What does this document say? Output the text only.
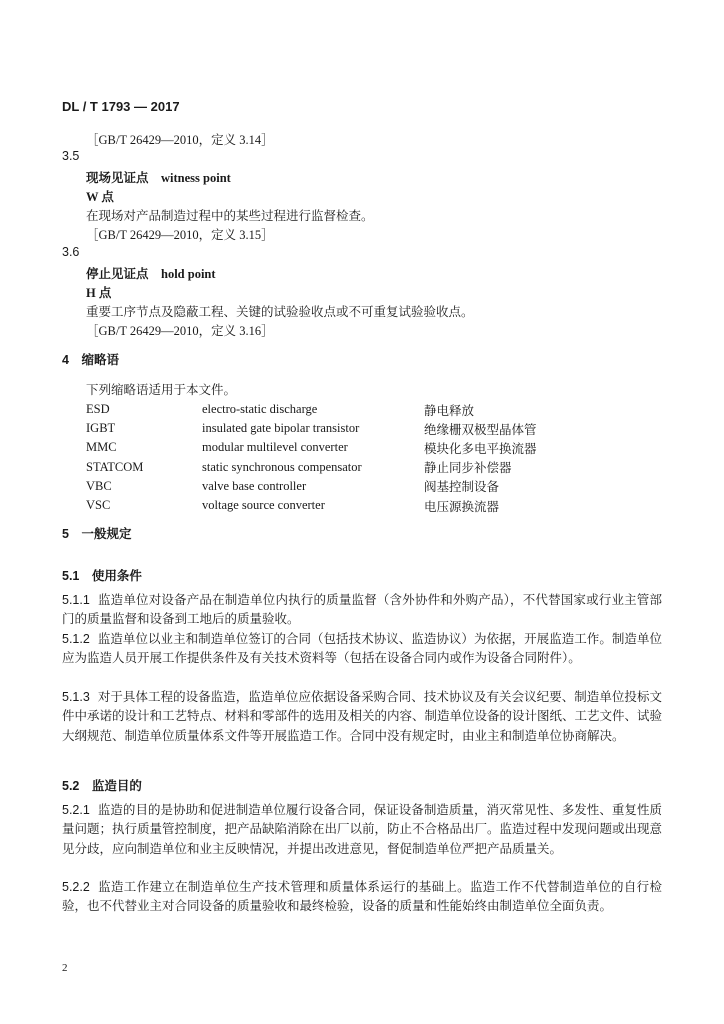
DL / T 1793 — 2017
［GB/T 26429—2010，定义 3.14］
3.5
现场见证点　witness point
W 点
在现场对产品制造过程中的某些过程进行监督检查。
［GB/T 26429—2010，定义 3.15］
3.6
停止见证点　hold point
H 点
重要工序节点及隐蔽工程、关键的试验验收点或不可重复试验验收点。
［GB/T 26429—2010，定义 3.16］
4　缩略语
下列缩略语适用于本文件。
ESD	electro-static discharge	静电释放
IGBT	insulated gate bipolar transistor	绝缘栅双极型晶体管
MMC	modular multilevel converter	模块化多电平换流器
STATCOM	static synchronous compensator	静止同步补偿器
VBC	valve base controller	阀基控制设备
VSC	voltage source converter	电压源换流器
5　一般规定
5.1　使用条件
5.1.1 监造单位对设备产品在制造单位内执行的质量监督（含外协件和外购产品），不代替国家或行业主管部门的质量监督和设备到工地后的质量验收。
5.1.2 监造单位以业主和制造单位签订的合同（包括技术协议、监造协议）为依据，开展监造工作。制造单位应为监造人员开展工作提供条件及有关技术资料等（包括在设备合同内或作为设备合同附件）。
5.1.3 对于具体工程的设备监造，监造单位应依据设备采购合同、技术协议及有关会议纪要、制造单位投标文件中承诺的设计和工艺特点、材料和零部件的选用及相关的内容、制造单位设备的设计图纸、工艺文件、试验大纲规范、制造单位质量体系文件等开展监造工作。合同中没有规定时，由业主和制造单位协商解决。
5.2　监造目的
5.2.1 监造的目的是协助和促进制造单位履行设备合同，保证设备制造质量，消灭常见性、多发性、重复性质量问题；执行质量管控制度，把产品缺陷消除在出厂以前，防止不合格品出厂。监造过程中发现问题或出现意见分歧，应向制造单位和业主反映情况，并提出改进意见，督促制造单位严把产品质量关。
5.2.2 监造工作建立在制造单位生产技术管理和质量体系运行的基础上。监造工作不代替制造单位的自行检验，也不代替业主对合同设备的质量验收和最终检验，设备的质量和性能始终由制造单位全面负责。
2
